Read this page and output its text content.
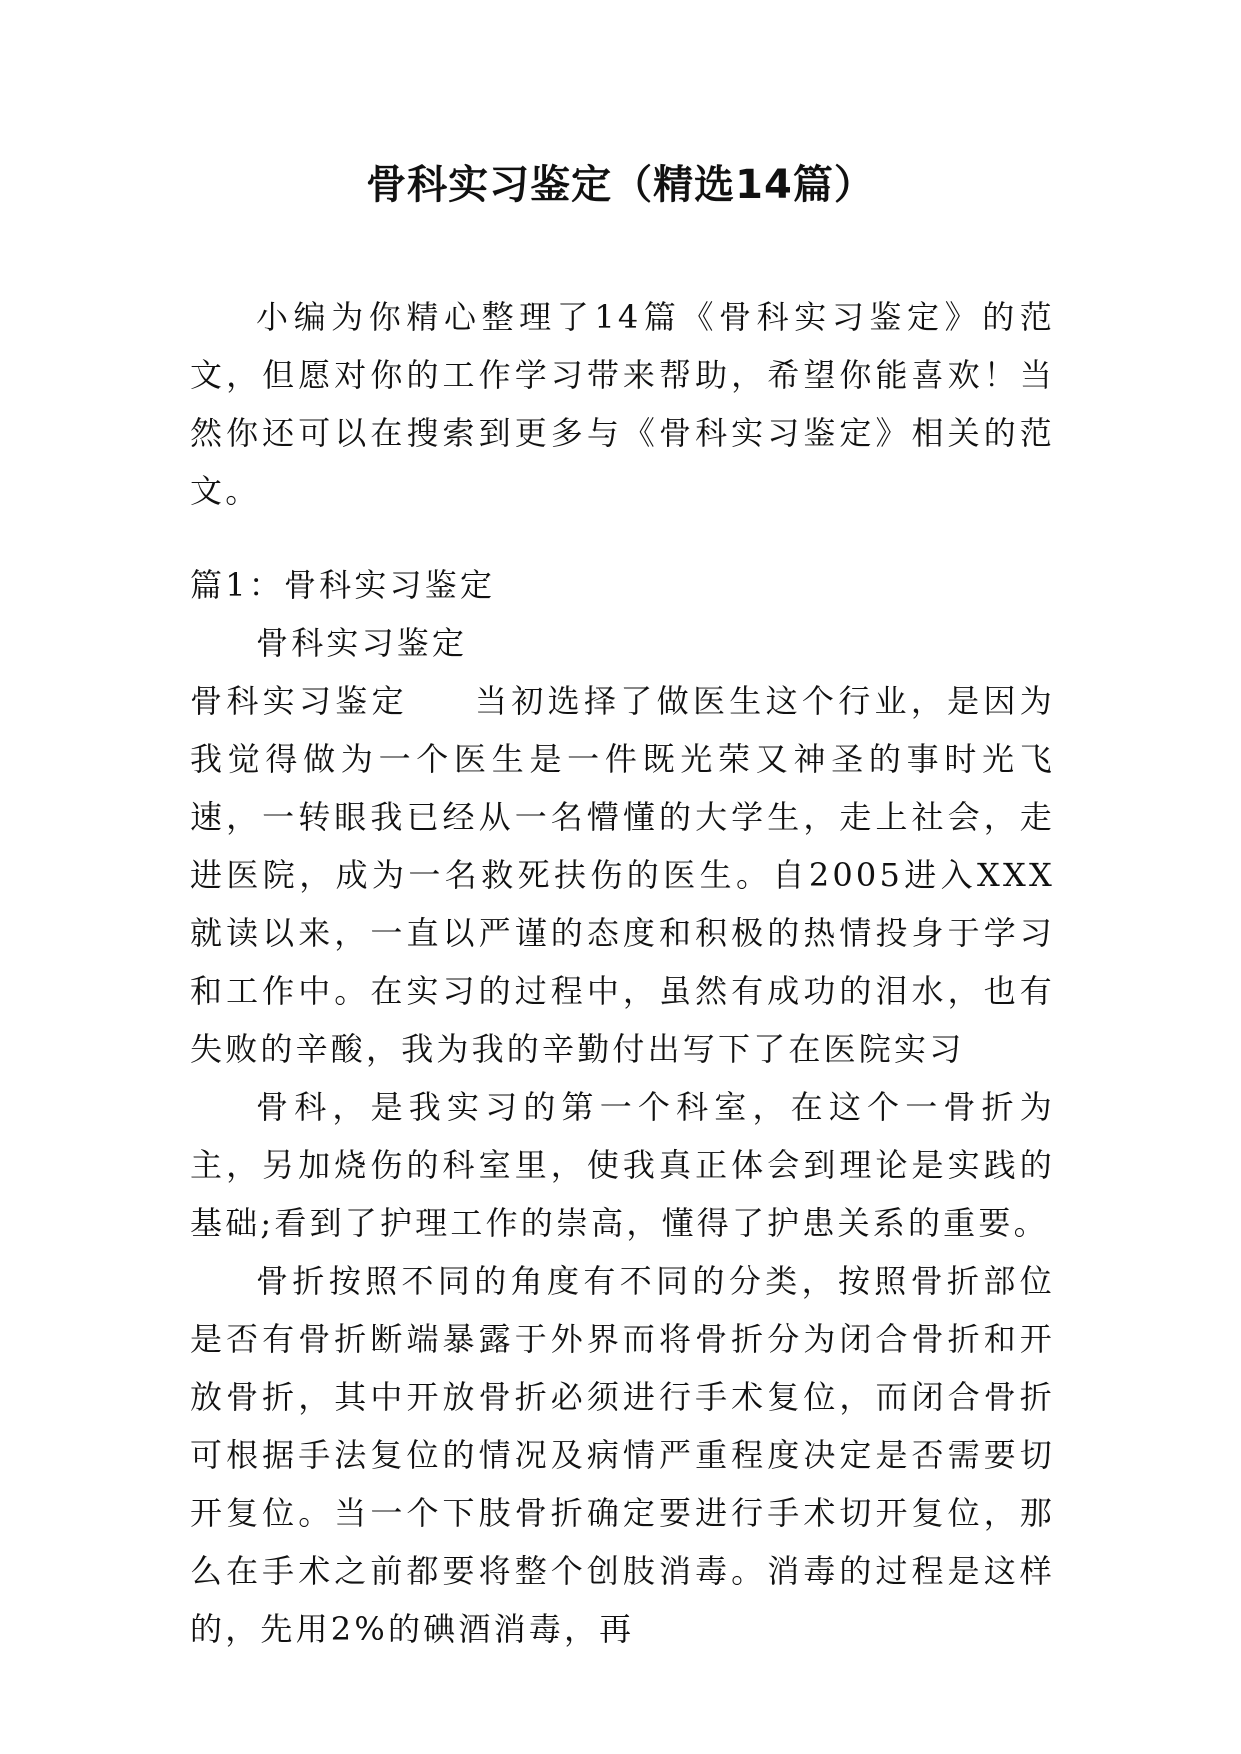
骨科实习鉴定（精选14篇）

小编为你精心整理了14篇《骨科实习鉴定》的范文，但愿对你的工作学习带来帮助，希望你能喜欢！当然你还可以在搜索到更多与《骨科实习鉴定》相关的范文。

篇1：骨科实习鉴定

骨科实习鉴定

骨科实习鉴定 当初选择了做医生这个行业，是因为我觉得做为一个医生是一件既光荣又神圣的事时光飞速，一转眼我已经从一名懵懂的大学生，走上社会，走进医院，成为一名救死扶伤的医生。自2005进入XXX就读以来，一直以严谨的态度和积极的热情投身于学习和工作中。在实习的过程中，虽然有成功的泪水，也有失败的辛酸，我为我的辛勤付出写下了在医院实习

骨科，是我实习的第一个科室，在这个一骨折为主，另加烧伤的科室里，使我真正体会到理论是实践的基础;看到了护理工作的崇高，懂得了护患关系的重要。

骨折按照不同的角度有不同的分类，按照骨折部位是否有骨折断端暴露于外界而将骨折分为闭合骨折和开放骨折，其中开放骨折必须进行手术复位，而闭合骨折可根据手法复位的情况及病情严重程度决定是否需要切开复位。当一个下肢骨折确定要进行手术切开复位，那么在手术之前都要将整个创肢消毒。消毒的过程是这样的，先用2%的碘酒消毒，再
